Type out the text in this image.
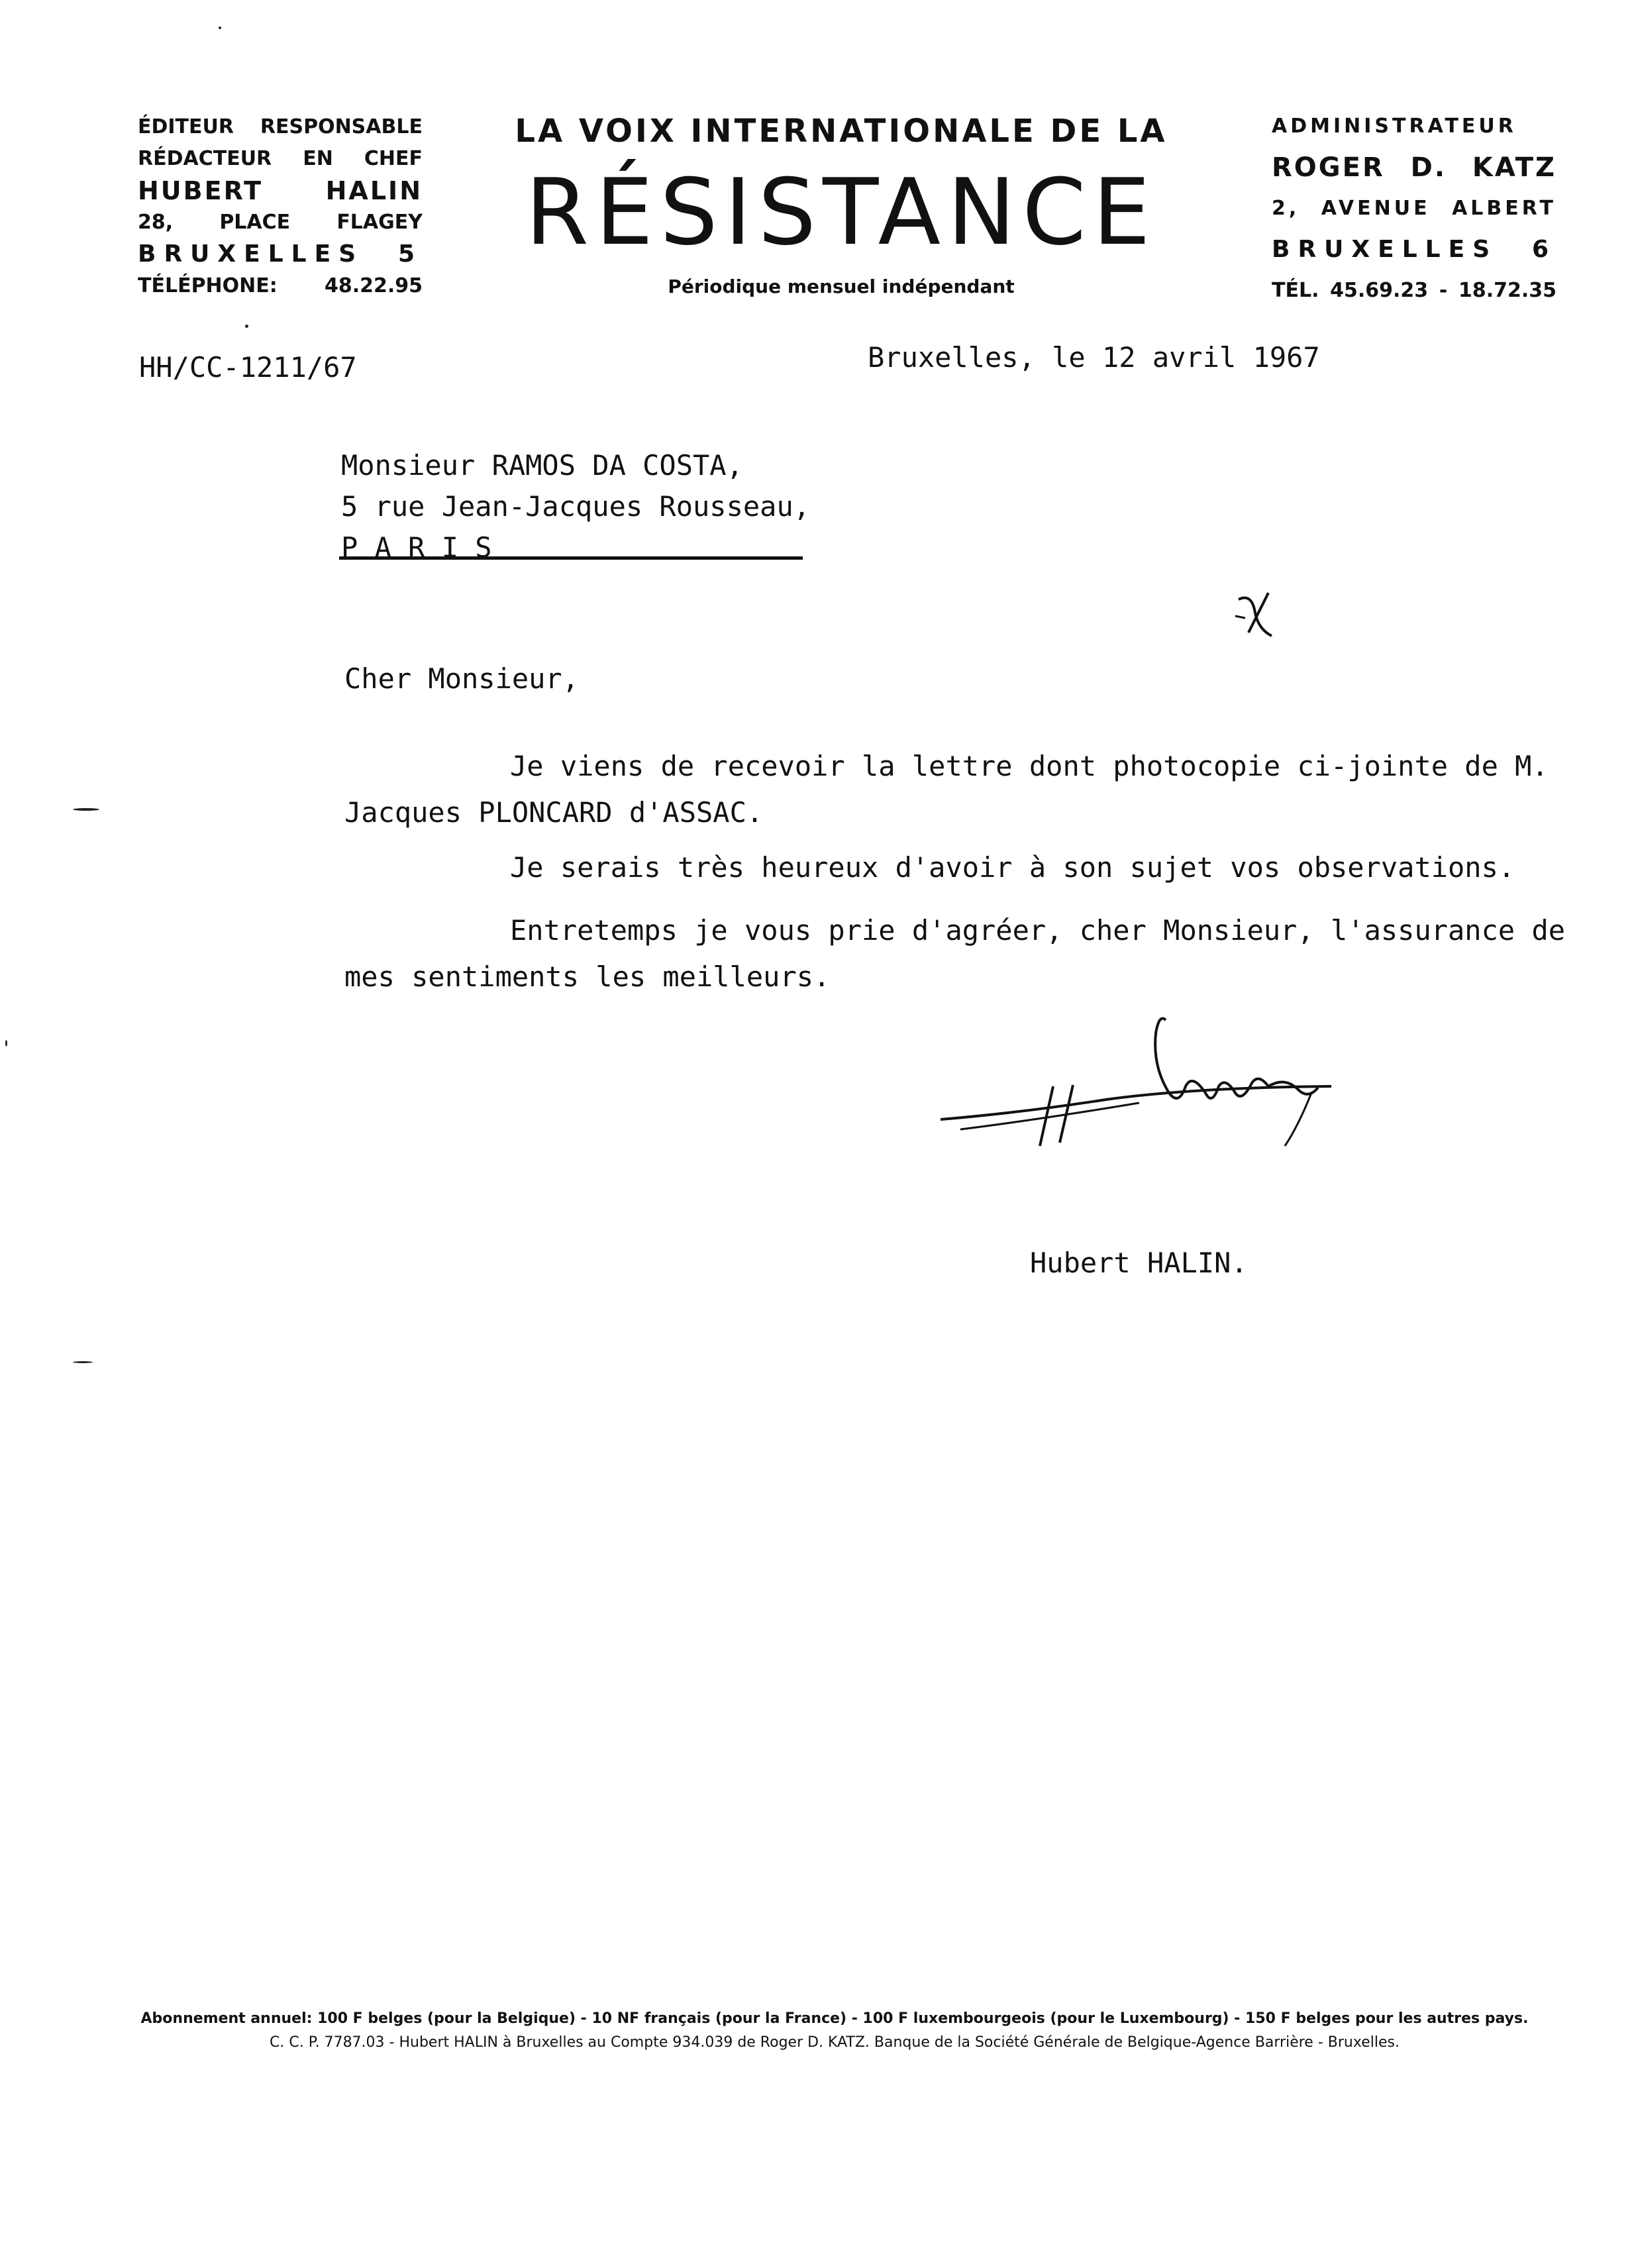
ÉDITEUR RESPONSABLE
RÉDACTEUR EN CHEF
HUBERT HALIN
28, PLACE FLAGEY
BRUXELLES 5
TÉLÉPHONE: 48.22.95
LA VOIX INTERNATIONALE DE LA
RÉSISTANCE
Périodique mensuel indépendant
ADMINISTRATEUR
ROGER D. KATZ
2, AVENUE ALBERT
BRUXELLES 6
TÉL. 45.69.23 - 18.72.35
HH/CC-1211/67	Bruxelles, le 12 avril 1967
Monsieur RAMOS DA COSTA,
5 rue Jean-Jacques Rousseau,
P A R I S
Cher Monsieur,
Je viens de recevoir la lettre dont photocopie ci-jointe de M.
Jacques PLONCARD d'ASSAC.
Je serais très heureux d'avoir à son sujet vos observations.
Entretemps je vous prie d'agréer, cher Monsieur, l'assurance de
mes sentiments les meilleurs.
Hubert HALIN.
Abonnement annuel: 100 F belges (pour la Belgique) - 10 NF français (pour la France) - 100 F luxembourgeois (pour le Luxembourg) - 150 F belges pour les autres pays.
C. C. P. 7787.03 - Hubert HALIN à Bruxelles au Compte 934.039 de Roger D. KATZ. Banque de la Société Générale de Belgique-Agence Barrière - Bruxelles.
